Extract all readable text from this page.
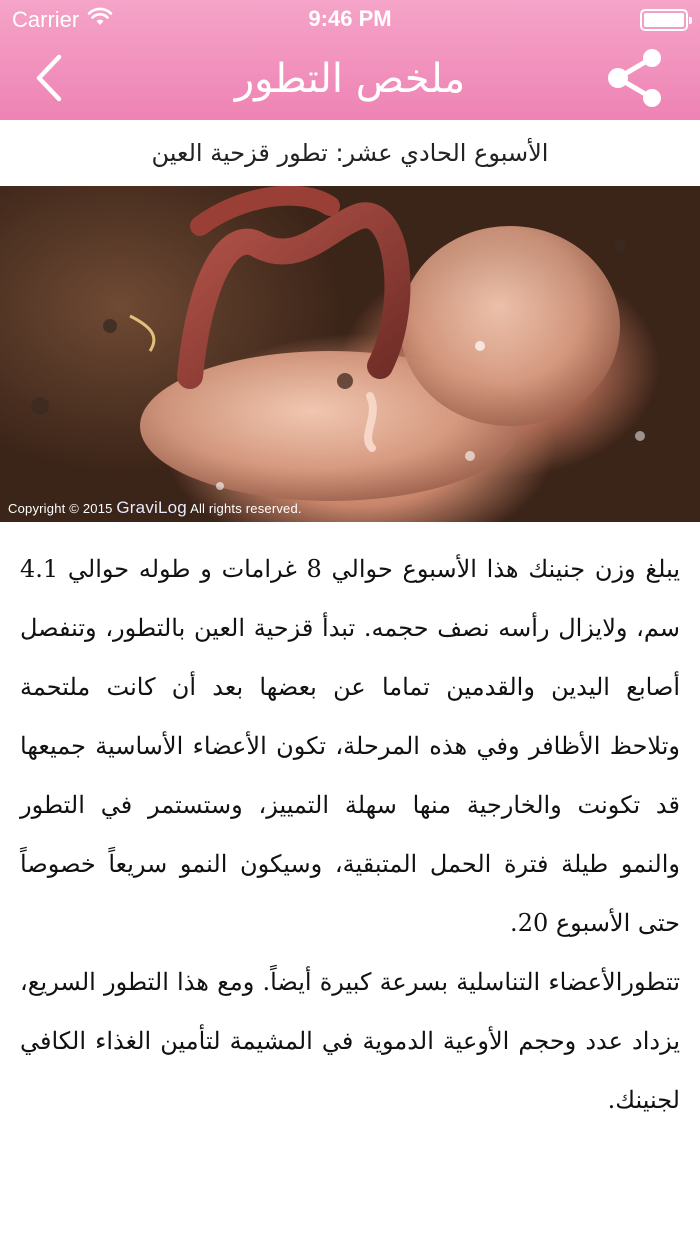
Carrier	9:46 PM
ملخص التطور
الأسبوع الحادي عشر: تطور قزحية العين
Copyright © 2015 GraviLog All rights reserved.

يبلغ وزن جنينك هذا الأسبوع حوالي 8 غرامات و طوله حوالي 4.1 سم، ولايزال رأسه نصف حجمه. تبدأ قزحية العين بالتطور، وتنفصل أصابع اليدين والقدمين تماما عن بعضها بعد أن كانت ملتحمة وتلاحظ الأظافر وفي هذه المرحلة، تكون الأعضاء الأساسية جميعها قد تكونت والخارجية منها سهلة التمييز، وستستمر في التطور والنمو طيلة فترة الحمل المتبقية، وسيكون النمو سريعاً خصوصاً حتى الأسبوع 20.

تتطورالأعضاء التناسلية بسرعة كبيرة أيضاً. ومع هذا التطور السريع، يزداد عدد وحجم الأوعية الدموية في المشيمة لتأمين الغذاء الكافي لجنينك.
